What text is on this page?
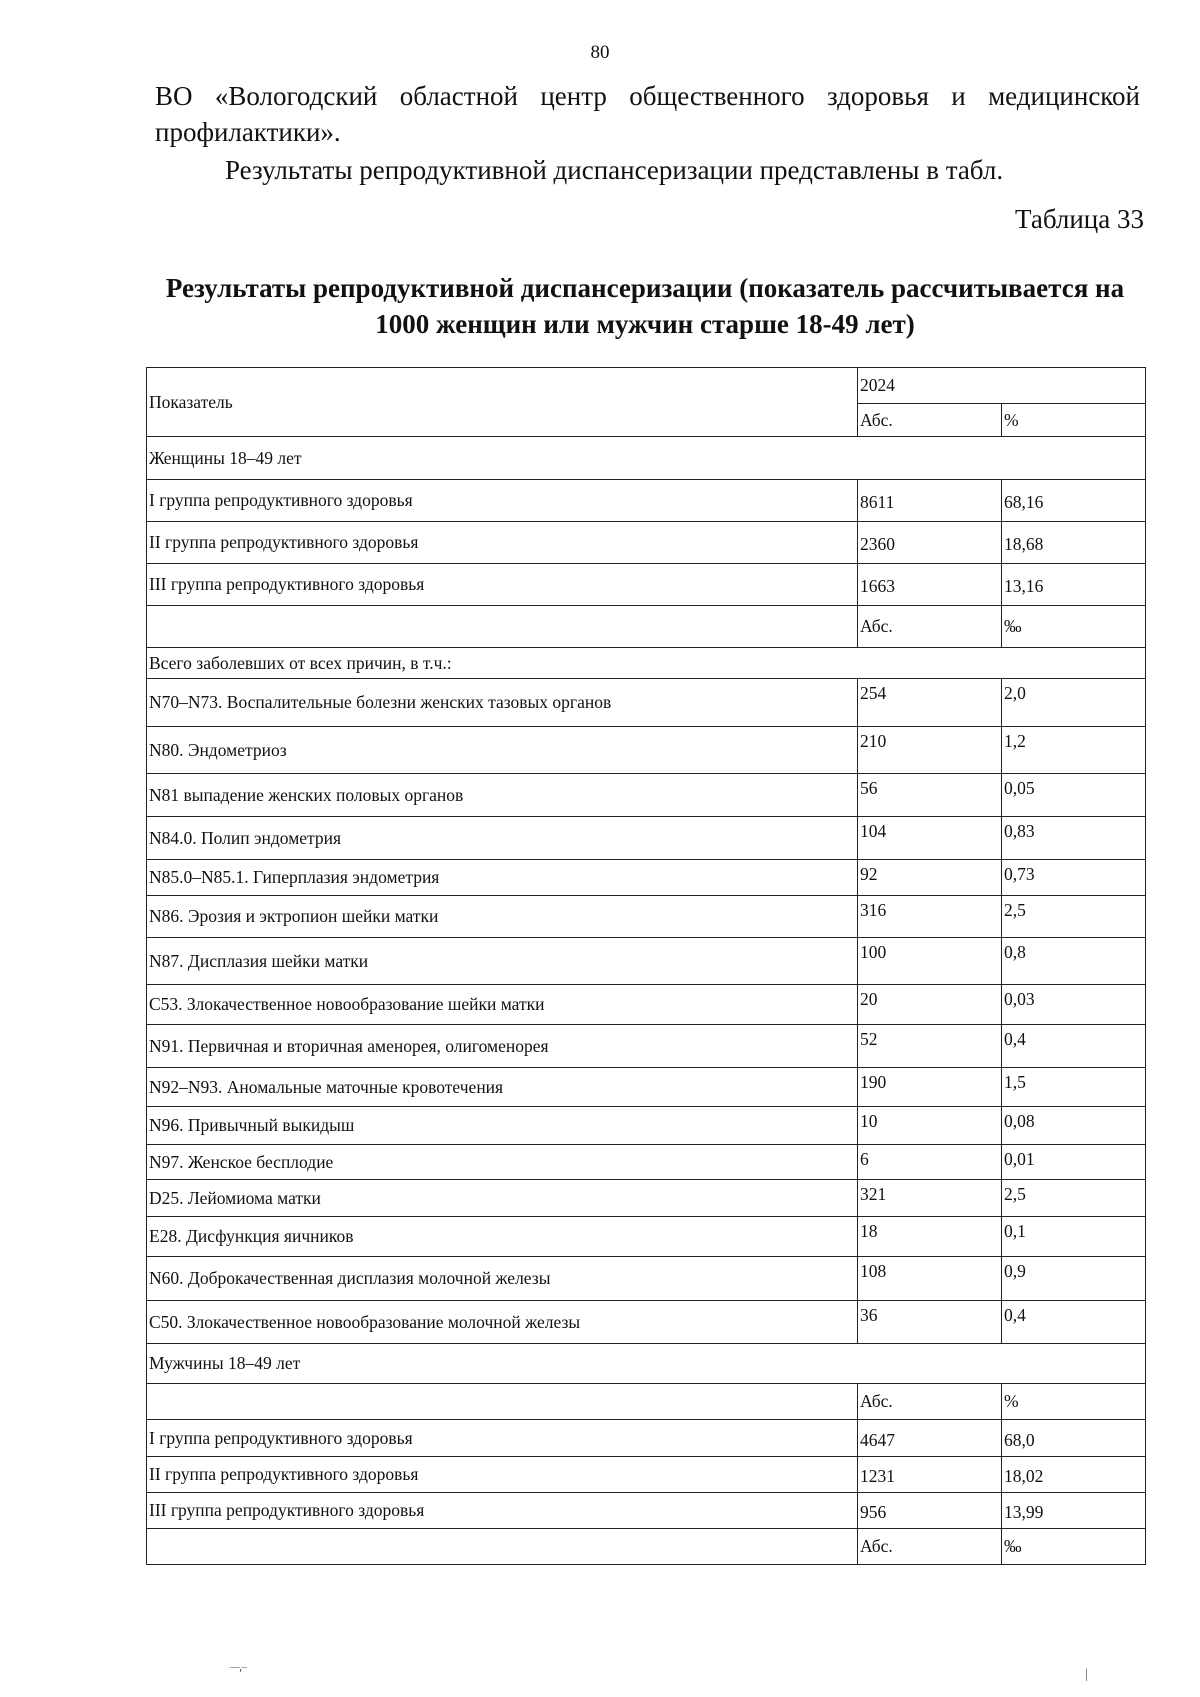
80

ВО «Вологодский областной центр общественного здоровья и медицинской профилактики».

Результаты репродуктивной диспансеризации представлены в табл.

Таблица 33
Результаты репродуктивной диспансеризации (показатель рассчитывается на 1000 женщин или мужчин старше 18-49 лет)
Показатель	2024	
	Абс.	%
Женщины 18–49 лет		
I группа репродуктивного здоровья	8611	68,16
II группа репродуктивного здоровья	2360	18,68
III группа репродуктивного здоровья	1663	13,16
	Абс.	‰
Всего заболевших от всех причин, в т.ч.:		
N70–N73. Воспалительные болезни женских тазовых органов	254	2,0
N80. Эндометриоз	210	1,2
N81 выпадение женских половых органов	56	0,05
N84.0. Полип эндометрия	104	0,83
N85.0–N85.1. Гиперплазия эндометрия	92	0,73
N86. Эрозия и эктропион шейки матки	316	2,5
N87. Дисплазия шейки матки	100	0,8
C53. Злокачественное новообразование шейки матки	20	0,03
N91. Первичная и вторичная аменорея, олигоменорея	52	0,4
N92–N93. Аномальные маточные кровотечения	190	1,5
N96. Привычный выкидыш	10	0,08
N97. Женское бесплодие	6	0,01
D25. Лейомиома матки	321	2,5
E28. Дисфункция яичников	18	0,1
N60. Доброкачественная дисплазия молочной железы	108	0,9
C50. Злокачественное новообразование молочной железы	36	0,4
Мужчины 18–49 лет		
	Абс.	%
I группа репродуктивного здоровья	4647	68,0
II группа репродуктивного здоровья	1231	18,02
III группа репродуктивного здоровья	956	13,99
	Абс.	‰
‾‾'‾	|
